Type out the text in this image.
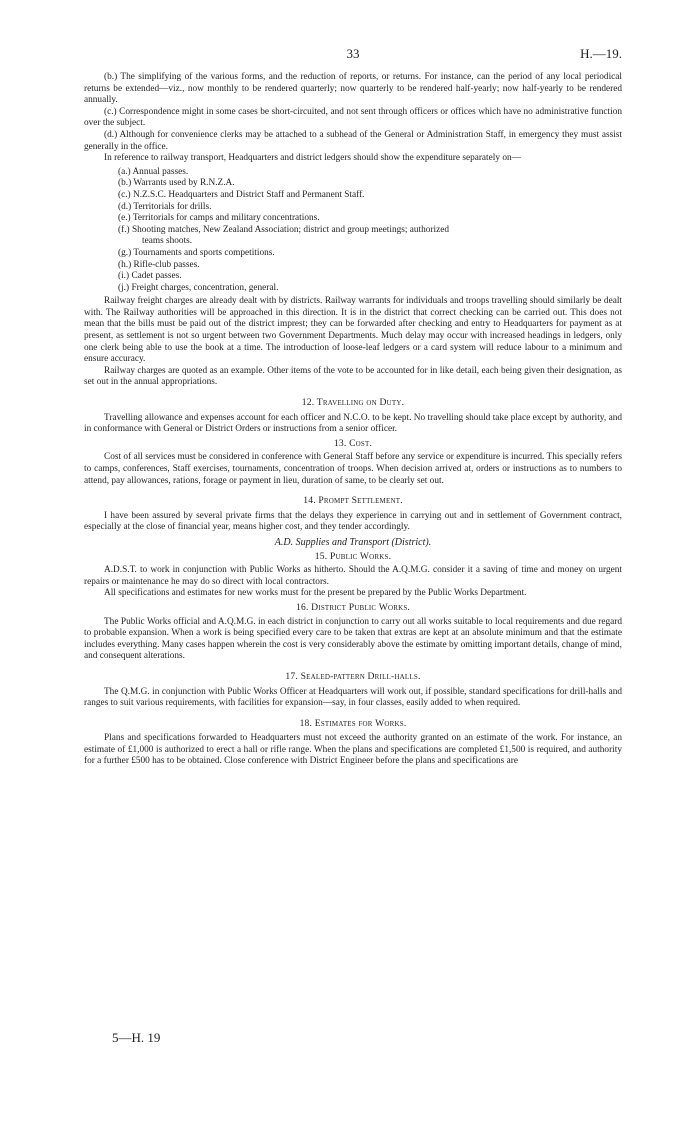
33	H.—19.

(b.) The simplifying of the various forms, and the reduction of reports, or returns. For instance, can the period of any local periodical returns be extended—viz., now monthly to be rendered quarterly; now quarterly to be rendered half-yearly; now half-yearly to be rendered annually.

(c.) Correspondence might in some cases be short-circuited, and not sent through officers or offices which have no administrative function over the subject.

(d.) Although for convenience clerks may be attached to a subhead of the General or Administration Staff, in emergency they must assist generally in the office.

In reference to railway transport, Headquarters and district ledgers should show the expenditure separately on—

(a.) Annual passes.
(b.) Warrants used by R.N.Z.A.
(c.) N.Z.S.C. Headquarters and District Staff and Permanent Staff.
(d.) Territorials for drills.
(e.) Territorials for camps and military concentrations.
(f.) Shooting matches, New Zealand Association; district and group meetings; authorized
teams shoots.
(g.) Tournaments and sports competitions.
(h.) Rifle-club passes.
(i.) Cadet passes.
(j.) Freight charges, concentration, general.

Railway freight charges are already dealt with by districts. Railway warrants for individuals and troops travelling should similarly be dealt with. The Railway authorities will be approached in this direction. It is in the district that correct checking can be carried out. This does not mean that the bills must be paid out of the district imprest; they can be forwarded after checking and entry to Headquarters for payment as at present, as settlement is not so urgent between two Government Departments. Much delay may occur with increased headings in ledgers, only one clerk being able to use the book at a time. The introduction of loose-leaf ledgers or a card system will reduce labour to a minimum and ensure accuracy.

Railway charges are quoted as an example. Other items of the vote to be accounted for in like detail, each being given their designation, as set out in the annual appropriations.

12. Travelling on Duty.

Travelling allowance and expenses account for each officer and N.C.O. to be kept. No travelling should take place except by authority, and in conformance with General or District Orders or instructions from a senior officer.

13. Cost.

Cost of all services must be considered in conference with General Staff before any service or expenditure is incurred. This specially refers to camps, conferences, Staff exercises, tournaments, concentration of troops. When decision arrived at, orders or instructions as to numbers to attend, pay allowances, rations, forage or payment in lieu, duration of same, to be clearly set out.

14. Prompt Settlement.

I have been assured by several private firms that the delays they experience in carrying out and in settlement of Government contract, especially at the close of financial year, means higher cost, and they tender accordingly.

A.D. Supplies and Transport (District).
15. Public Works.

A.D.S.T. to work in conjunction with Public Works as hitherto. Should the A.Q.M.G. consider it a saving of time and money on urgent repairs or maintenance he may do so direct with local contractors.

All specifications and estimates for new works must for the present be prepared by the Public Works Department.

16. District Public Works.

The Public Works official and A.Q.M.G. in each district in conjunction to carry out all works suitable to local requirements and due regard to probable expansion. When a work is being specified every care to be taken that extras are kept at an absolute minimum and that the estimate includes everything. Many cases happen wherein the cost is very considerably above the estimate by omitting important details, change of mind, and consequent alterations.

17. Sealed-pattern Drill-halls.

The Q.M.G. in conjunction with Public Works Officer at Headquarters will work out, if possible, standard specifications for drill-halls and ranges to suit various requirements, with facilities for expansion—say, in four classes, easily added to when required.

18. Estimates for Works.

Plans and specifications forwarded to Headquarters must not exceed the authority granted on an estimate of the work. For instance, an estimate of £1,000 is authorized to erect a hall or rifle range. When the plans and specifications are completed £1,500 is required, and authority for a further £500 has to be obtained. Close conference with District Engineer before the plans and specifications are

5—H. 19
